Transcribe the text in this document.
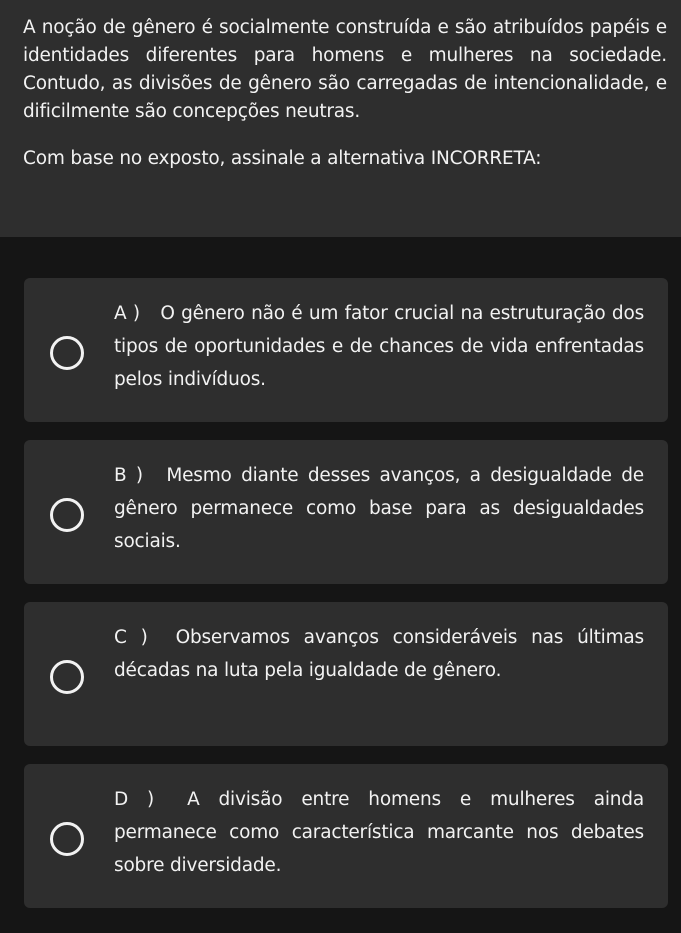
A noção de gênero é socialmente construída e são atribuídos papéis e identidades diferentes para homens e mulheres na sociedade. Contudo, as divisões de gênero são carregadas de intencionalidade, e dificilmente são concepções neutras.

Com base no exposto, assinale a alternativa INCORRETA:

A ) O gênero não é um fator crucial na estruturação dos tipos de oportunidades e de chances de vida enfrentadas pelos indivíduos.

B ) Mesmo diante desses avanços, a desigualdade de gênero permanece como base para as desigualdades sociais.

C ) Observamos avanços consideráveis nas últimas décadas na luta pela igualdade de gênero.

D ) A divisão entre homens e mulheres ainda permanece como característica marcante nos debates sobre diversidade.
